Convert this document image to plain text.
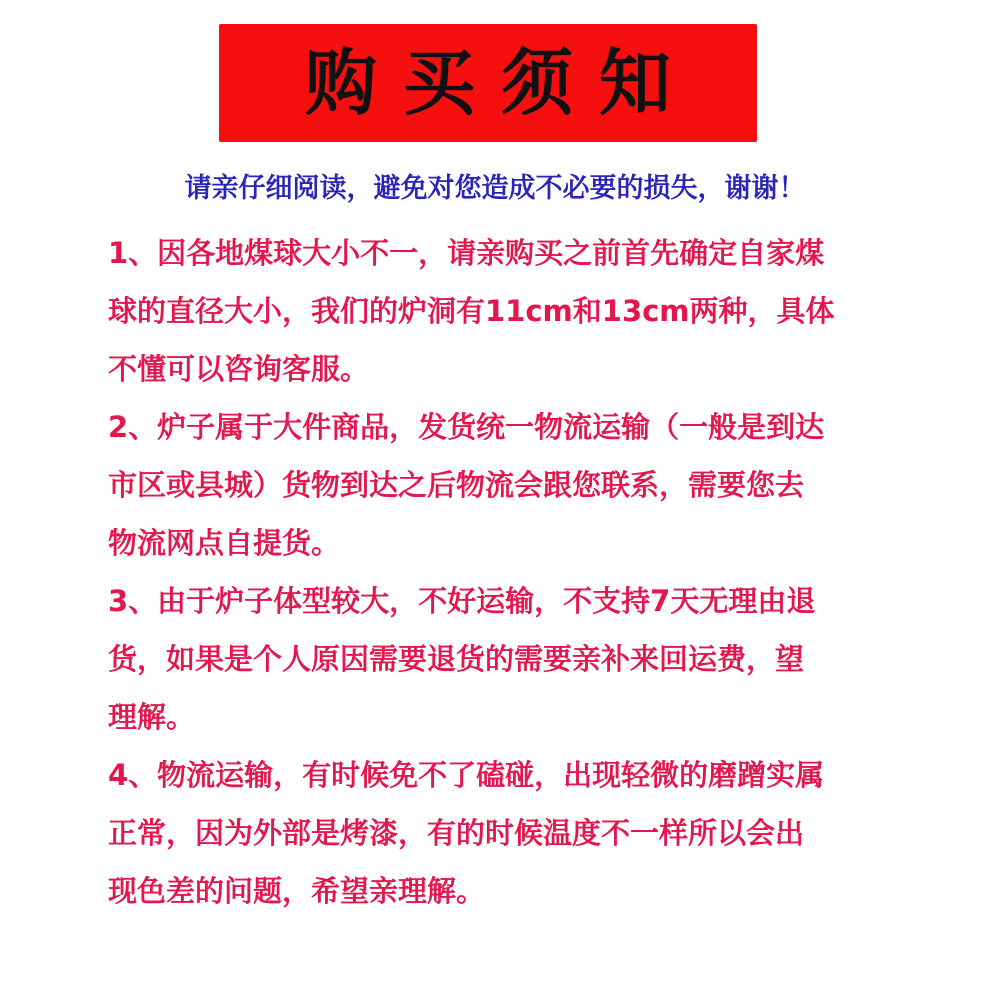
购买须知
请亲仔细阅读，避免对您造成不必要的损失，谢谢！
1、因各地煤球大小不一，请亲购买之前首先确定自家煤
球的直径大小，我们的炉洞有11cm和13cm两种，具体
不懂可以咨询客服。
2、炉子属于大件商品，发货统一物流运输（一般是到达
市区或县城）货物到达之后物流会跟您联系，需要您去
物流网点自提货。
3、由于炉子体型较大，不好运输，不支持7天无理由退
货，如果是个人原因需要退货的需要亲补来回运费，望
理解。
4、物流运输，有时候免不了磕碰，出现轻微的磨蹭实属
正常，因为外部是烤漆，有的时候温度不一样所以会出
现色差的问题，希望亲理解。
